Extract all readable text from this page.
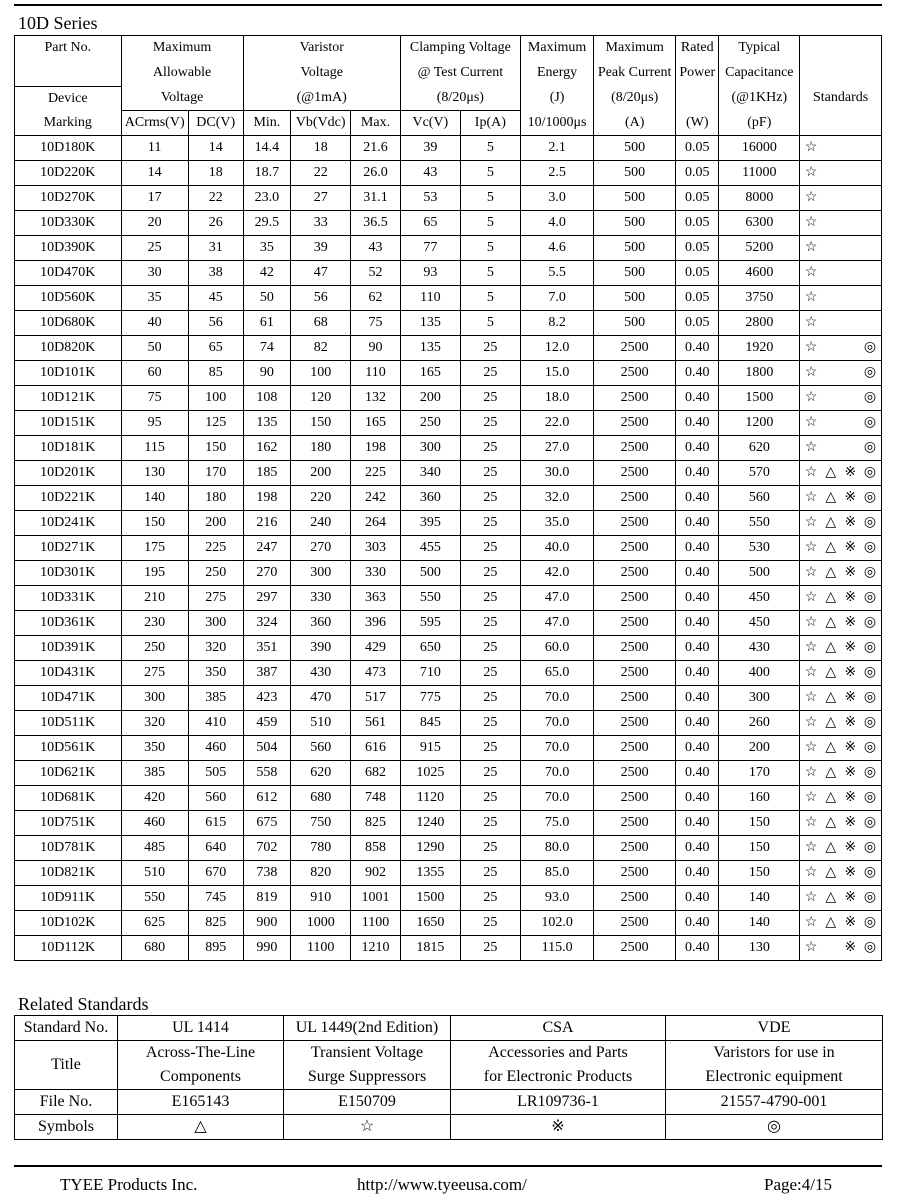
10D Series
Part No.	Maximum		Varistor			Clamping Voltage		Maximum	Maximum	Rated	Typical	
	Allowable		Voltage			@ Test Current		Energy	Peak Current	Power	Capacitance	
Device	Voltage		(@1mA)			(8/20μs)		(J)	(8/20μs)		(@1KHz)	Standards
Marking	ACrms(V)	DC(V)	Min.	Vb(Vdc)	Max.	Vc(V)	Ip(A)	10/1000μs	(A)	(W)	(pF)	
10D180K	11	14	14.4	18	21.6	39	5	2.1	500	0.05	16000	☆

10D220K	14	18	18.7	22	26.0	43	5	2.5	500	0.05	11000	☆

10D270K	17	22	23.0	27	31.1	53	5	3.0	500	0.05	8000	☆

10D330K	20	26	29.5	33	36.5	65	5	4.0	500	0.05	6300	☆

10D390K	25	31	35	39	43	77	5	4.6	500	0.05	5200	☆

10D470K	30	38	42	47	52	93	5	5.5	500	0.05	4600	☆

10D560K	35	45	50	56	62	110	5	7.0	500	0.05	3750	☆

10D680K	40	56	61	68	75	135	5	8.2	500	0.05	2800	☆

10D820K	50	65	74	82	90	135	25	12.0	2500	0.40	1920	☆ ◎

10D101K	60	85	90	100	110	165	25	15.0	2500	0.40	1800	☆ ◎

10D121K	75	100	108	120	132	200	25	18.0	2500	0.40	1500	☆ ◎

10D151K	95	125	135	150	165	250	25	22.0	2500	0.40	1200	☆ ◎

10D181K	115	150	162	180	198	300	25	27.0	2500	0.40	620	☆ ◎

10D201K	130	170	185	200	225	340	25	30.0	2500	0.40	570	☆ △ ※ ◎

10D221K	140	180	198	220	242	360	25	32.0	2500	0.40	560	☆ △ ※ ◎

10D241K	150	200	216	240	264	395	25	35.0	2500	0.40	550	☆ △ ※ ◎

10D271K	175	225	247	270	303	455	25	40.0	2500	0.40	530	☆ △ ※ ◎

10D301K	195	250	270	300	330	500	25	42.0	2500	0.40	500	☆ △ ※ ◎

10D331K	210	275	297	330	363	550	25	47.0	2500	0.40	450	☆ △ ※ ◎

10D361K	230	300	324	360	396	595	25	47.0	2500	0.40	450	☆ △ ※ ◎

10D391K	250	320	351	390	429	650	25	60.0	2500	0.40	430	☆ △ ※ ◎

10D431K	275	350	387	430	473	710	25	65.0	2500	0.40	400	☆ △ ※ ◎

10D471K	300	385	423	470	517	775	25	70.0	2500	0.40	300	☆ △ ※ ◎

10D511K	320	410	459	510	561	845	25	70.0	2500	0.40	260	☆ △ ※ ◎

10D561K	350	460	504	560	616	915	25	70.0	2500	0.40	200	☆ △ ※ ◎

10D621K	385	505	558	620	682	1025	25	70.0	2500	0.40	170	☆ △ ※ ◎

10D681K	420	560	612	680	748	1120	25	70.0	2500	0.40	160	☆ △ ※ ◎

10D751K	460	615	675	750	825	1240	25	75.0	2500	0.40	150	☆ △ ※ ◎

10D781K	485	640	702	780	858	1290	25	80.0	2500	0.40	150	☆ △ ※ ◎

10D821K	510	670	738	820	902	1355	25	85.0	2500	0.40	150	☆ △ ※ ◎

10D911K	550	745	819	910	1001	1500	25	93.0	2500	0.40	140	☆ △ ※ ◎

10D102K	625	825	900	1000	1100	1650	25	102.0	2500	0.40	140	☆ △ ※ ◎

10D112K	680	895	990	1100	1210	1815	25	115.0	2500	0.40	130	☆ ※ ◎
Related Standards
Standard No.	UL 1414	UL 1449(2nd Edition)	CSA	VDE
Title	Across-The-Line	Transient Voltage	Accessories and Parts	Varistors for use in
	Components	Surge Suppressors	for Electronic Products	Electronic equipment
File No.	E165143	E150709	LR109736-1	21557-4790-001
Symbols	△	☆	※	◎
TYEE Products Inc.	http://www.tyeeusa.com/	Page:4/15
